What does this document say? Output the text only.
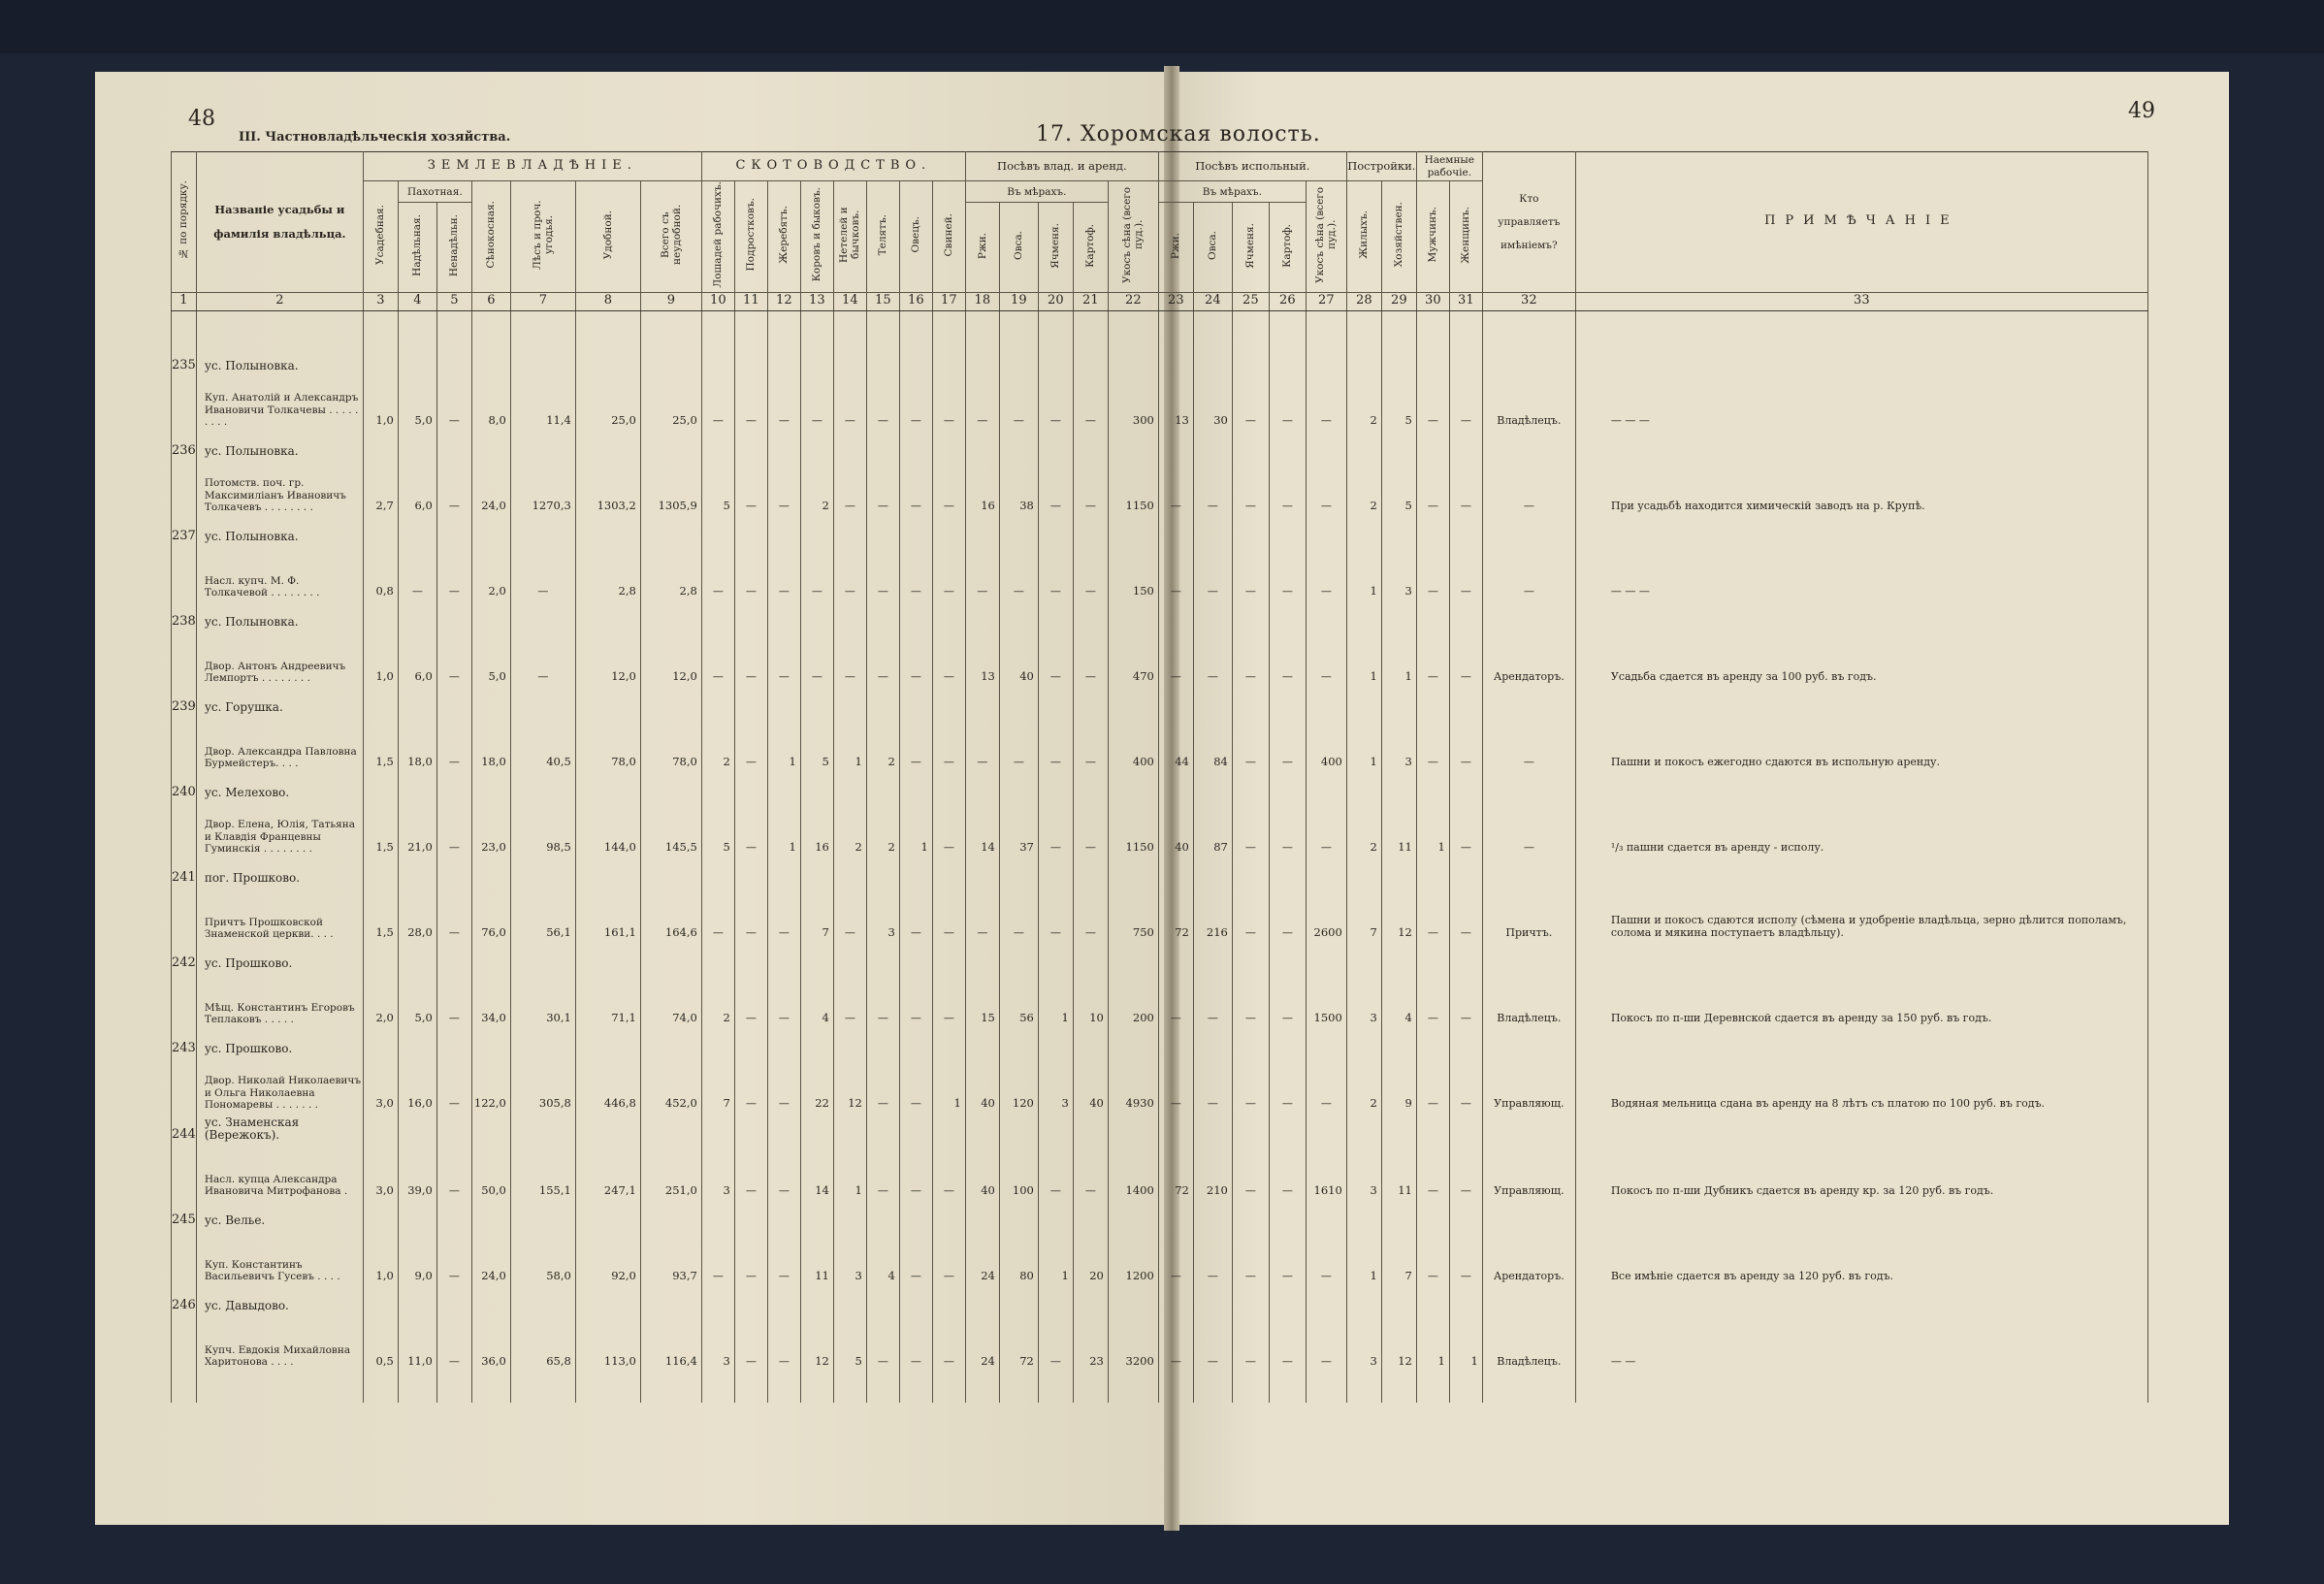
48	49
III. Частновладѣльческія хозяйства.	17. Хоромская волость.
№ по порядку.	Названіе усадьбы и
фамилія владѣльца.	ЗЕМЛЕВЛАДѢНІЕ.							СКОТОВОДСТВО.								Посѣвъ влад. и аренд.					Посѣвъ испольный.					Постройки.		Наемные рабочіе.		Кто управляетъ имѣніемъ?	ПРИМѢЧАНІЕ
		Усадебная.	Пахотная.		Сѣнокосная.	Лѣсъ и проч. угодья.	Удобной.	Всего съ неудобной.	Лошадей рабочихъ.	Подростковъ.	Жеребятъ.	Коровъ и быковъ.	Нетелей и бычковъ.	Телятъ.	Овецъ.	Свиней.	Въ мѣрахъ.				Укосъ сѣна (всего пуд.).	Въ мѣрахъ.				Укосъ сѣна (всего пуд.).	Жилыхъ.	Хозяйствен.	Мужчинъ.	Женщинъ.		
			Надѣльная.	Ненадѣльн.													Ржи.	Овса.	Ячменя.	Картоф.		Ржи.	Овса.	Ячменя.	Картоф.							
1	2	3	4	5	6	7	8	9	10	11	12	13	14	15	16	17	18	19	20	21	22	23	24	25	26	27	28	29	30	31	32	33

235	ус. Полыновка.																															
	Куп. Анатолій и Александръ Ивановичи Толкачевы . . . . . . . . .	1,0	5,0	—	8,0	11,4	25,0	25,0	—	—	—	—	—	—	—	—	—	—	—	—	300	13	30	—	—	—	2	5	—	—	Владѣлецъ.	— — —
236	ус. Полыновка.																															
	Потомств. поч. гр. Максимиліанъ Ивановичъ Толкачевъ . . . . . . . .	2,7	6,0	—	24,0	1270,3	1303,2	1305,9	5	—	—	2	—	—	—	—	16	38	—	—	1150	—	—	—	—	—	2	5	—	—	—	При усадьбѣ находится химическій заводъ на р. Крупѣ.
237	ус. Полыновка.																															
	Насл. купч. М. Ф. Толкачевой . . . . . . . .	0,8	—	—	2,0	—	2,8	2,8	—	—	—	—	—	—	—	—	—	—	—	—	150	—	—	—	—	—	1	3	—	—	—	— — —
238	ус. Полыновка.																															
	Двор. Антонъ Андреевичъ Лемпортъ . . . . . . . .	1,0	6,0	—	5,0	—	12,0	12,0	—	—	—	—	—	—	—	—	13	40	—	—	470	—	—	—	—	—	1	1	—	—	Арендаторъ.	Усадьба сдается въ аренду за 100 руб. въ годъ.
239	ус. Горушка.																															
	Двор. Александра Павловна Бурмейстеръ. . . .	1,5	18,0	—	18,0	40,5	78,0	78,0	2	—	1	5	1	2	—	—	—	—	—	—	400	44	84	—	—	400	1	3	—	—	—	Пашни и покосъ ежегодно сдаются въ испольную аренду.
240	ус. Мелехово.																															
	Двор. Елена, Юлія, Татьяна и Клавдія Францевны Гуминскія . . . . . . . .	1,5	21,0	—	23,0	98,5	144,0	145,5	5	—	1	16	2	2	1	—	14	37	—	—	1150	40	87	—	—	—	2	11	1	—	—	¹/₃ пашни сдается въ аренду - исполу.
241	пог. Прошково.																															
	Причтъ Прошковской Знаменской церкви. . . .	1,5	28,0	—	76,0	56,1	161,1	164,6	—	—	—	7	—	3	—	—	—	—	—	—	750	72	216	—	—	2600	7	12	—	—	Причтъ.	Пашни и покосъ сдаются исполу (сѣмена и удобреніе владѣльца, зерно дѣлится пополамъ, солома и мякина поступаетъ владѣльцу).
242	ус. Прошково.																															
	Мѣщ. Константинъ Егоровъ Теплаковъ . . . . .	2,0	5,0	—	34,0	30,1	71,1	74,0	2	—	—	4	—	—	—	—	15	56	1	10	200	—	—	—	—	1500	3	4	—	—	Владѣлецъ.	Покосъ по п-ши Деревнской сдается въ аренду за 150 руб. въ годъ.
243	ус. Прошково.																															
	Двор. Николай Николаевичъ и Ольга Николаевна Пономаревы . . . . . . .	3,0	16,0	—	122,0	305,8	446,8	452,0	7	—	—	22	12	—	—	1	40	120	3	40	4930	—	—	—	—	—	2	9	—	—	Управляющ.	Водяная мельница сдана въ аренду на 8 лѣтъ съ платою по 100 руб. въ годъ.
244	ус. Знаменская (Вережокъ).																															
	Насл. купца Александра Ивановича Митрофанова .	3,0	39,0	—	50,0	155,1	247,1	251,0	3	—	—	14	1	—	—	—	40	100	—	—	1400	72	210	—	—	1610	3	11	—	—	Управляющ.	Покосъ по п-ши Дубникъ сдается въ аренду кр. за 120 руб. въ годъ.
245	ус. Велье.																															
	Куп. Константинъ Васильевичъ Гусевъ . . . .	1,0	9,0	—	24,0	58,0	92,0	93,7	—	—	—	11	3	4	—	—	24	80	1	20	1200	—	—	—	—	—	1	7	—	—	Арендаторъ.	Все имѣніе сдается въ аренду за 120 руб. въ годъ.
246	ус. Давыдово.																															
	Купч. Евдокія Михайловна Харитонова . . . .	0,5	11,0	—	36,0	65,8	113,0	116,4	3	—	—	12	5	—	—	—	24	72	—	23	3200	—	—	—	—	—	3	12	1	1	Владѣлецъ.	— —
